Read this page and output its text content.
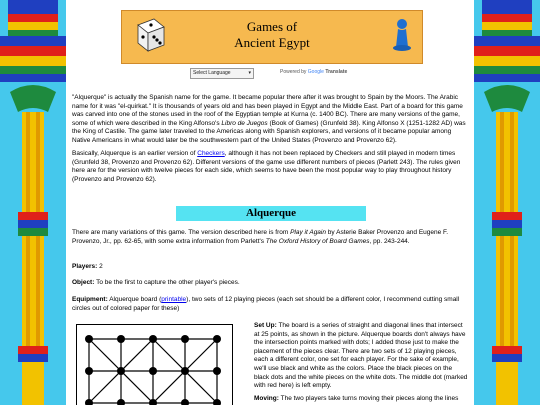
Games of
Ancient Egypt
Select Language	▾	Powered by Google Translate

"Alquerque" is actually the Spanish name for the game. It became popular there after it was brought to Spain by the Moors. The Arabic name for it was "el-quirkat." It is thousands of years old and has been played in Egypt and the Middle East. Part of a board for this game was carved into one of the stones used in the roof of the Egyptian temple at Kurna (c. 1400 BC). There are many versions of the game, some of which were described in the King Alfonso's Libro de Juegos (Book of Games) (Grunfeld 38). King Alfonso X (1251-1282 AD) was the King of Castile. The game later traveled to the Americas along with Spanish explorers, and versions of it became popular among Native Americans in what would later be the southwestern part of the United States (Provenzo and Provenzo 62).

Basically, Alquerque is an earlier version of Checkers, although it has not been replaced by Checkers and still played in modern times (Grunfeld 38, Provenzo and Provenzo 62). Different versions of the game use different numbers of pieces (Parlett 243). The rules given here are for the version with twelve pieces for each side, which seems to have been the most popular way to play throughout history (Provenzo and Provenzo 62).

Alquerque

There are many variations of this game. The version described here is from Play it Again by Asterie Baker Provenzo and Eugene F. Provenzo, Jr., pp. 62-65, with some extra information from Parlett's The Oxford History of Board Games, pp. 243-244.

Players: 2

Object: To be the first to capture the other player's pieces.

Equipment: Alquerque board (printable), two sets of 12 playing pieces (each set should be a different color, I recommend cutting small circles out of colored paper for these)

Set Up: The board is a series of straight and diagonal lines that intersect at 25 points, as shown in the picture. Alquerque boards don't always have the intersection points marked with dots; I added those just to make the placement of the pieces clear. There are two sets of 12 playing pieces, each a different color, one set for each player. For the sake of example, we'll use black and white as the colors. Place the black pieces on the black dots and the white pieces on the white dots. The middle dot (marked with red here) is left empty.

Moving: The two players take turns moving their pieces along the lines
